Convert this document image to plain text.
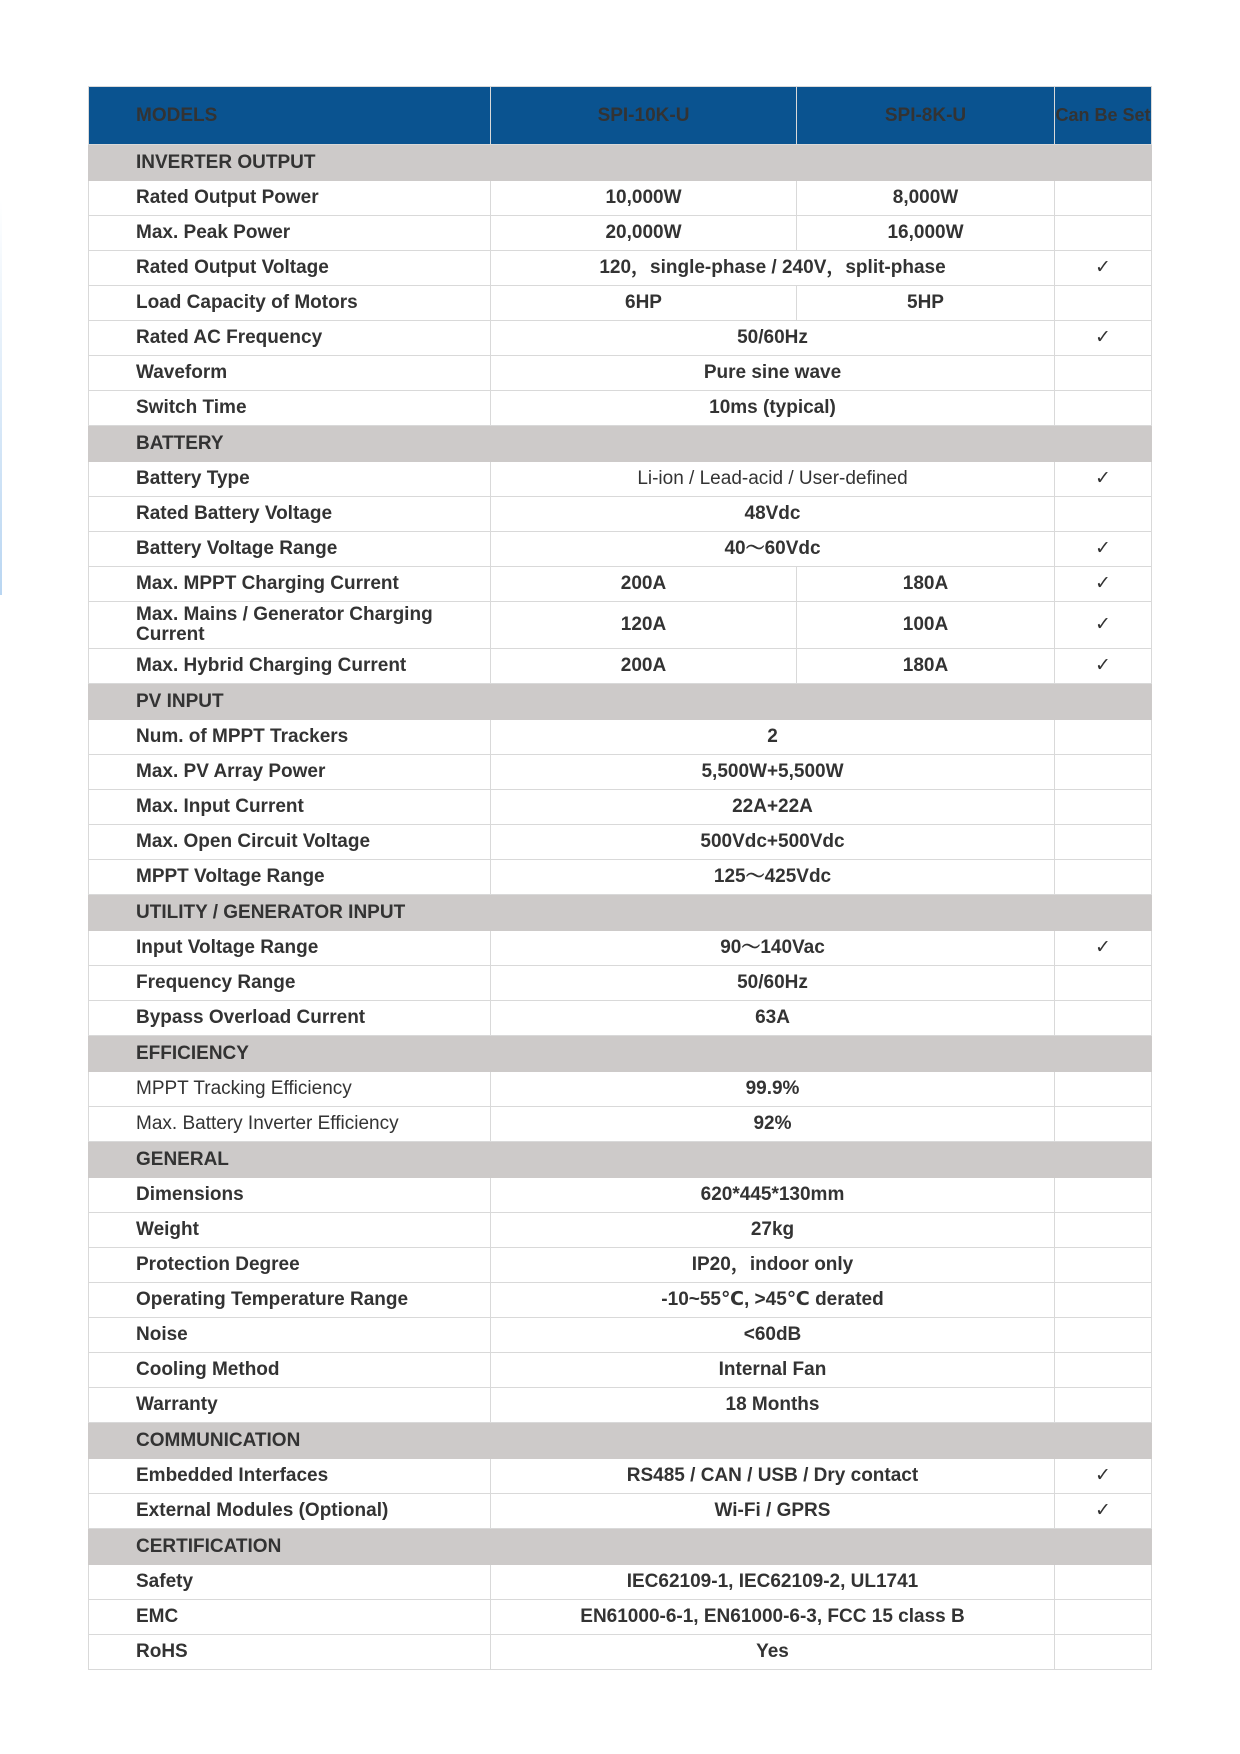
MODELS	SPI-10K-U	SPI-8K-U	Can Be Set
INVERTER OUTPUT			
Rated Output Power	10,000W	8,000W	
Max. Peak Power	20,000W	16,000W	
Rated Output Voltage	120，single-phase / 240V，split-phase		✓
Load Capacity of Motors	6HP	5HP	
Rated AC Frequency	50/60Hz		✓
Waveform	Pure sine wave		
Switch Time	10ms (typical)		
BATTERY			
Battery Type	Li-ion / Lead-acid / User-defined		✓
Rated Battery Voltage	48Vdc		
Battery Voltage Range	40～60Vdc		✓
Max. MPPT Charging Current	200A	180A	✓
Max. Mains / Generator Charging Current	120A	100A	✓
Max. Hybrid Charging Current	200A	180A	✓
PV INPUT			
Num. of MPPT Trackers	2		
Max. PV Array Power	5,500W+5,500W		
Max. Input Current	22A+22A		
Max. Open Circuit Voltage	500Vdc+500Vdc		
MPPT Voltage Range	125～425Vdc		
UTILITY / GENERATOR INPUT			
Input Voltage Range	90～140Vac		✓
Frequency Range	50/60Hz		
Bypass Overload Current	63A		
EFFICIENCY			
MPPT Tracking Efficiency	99.9%		
Max. Battery Inverter Efficiency	92%		
GENERAL			
Dimensions	620*445*130mm		
Weight	27kg		
Protection Degree	IP20，indoor only		
Operating Temperature Range	-10~55℃, >45℃ derated		
Noise	<60dB		
Cooling Method	Internal Fan		
Warranty	18 Months		
COMMUNICATION			
Embedded Interfaces	RS485 / CAN / USB / Dry contact		✓
External Modules (Optional)	Wi-Fi / GPRS		✓
CERTIFICATION			
Safety	IEC62109-1, IEC62109-2, UL1741		
EMC	EN61000-6-1, EN61000-6-3, FCC 15 class B		
RoHS	Yes		
